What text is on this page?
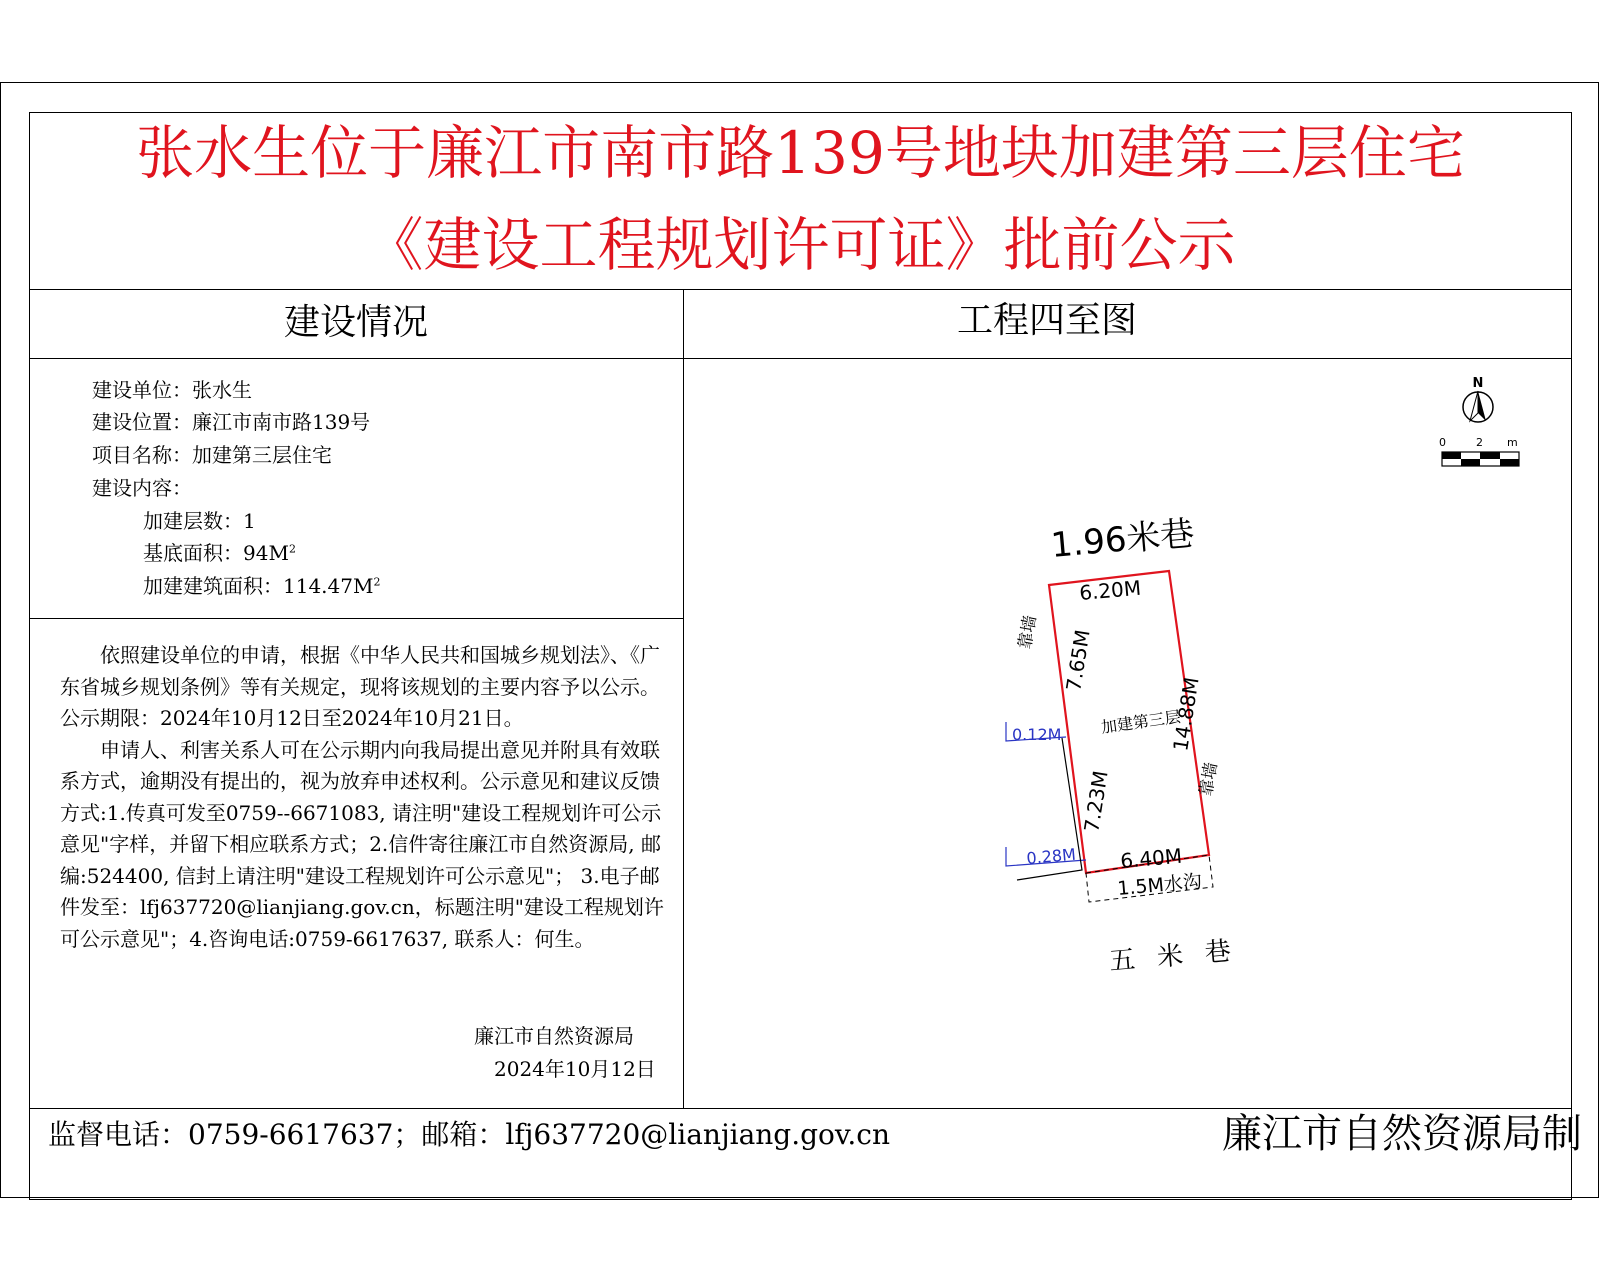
张水生位于廉江市南市路139号地块加建第三层住宅
《建设工程规划许可证》批前公示
建设情况	工程四至图
建设单位：张水生
建设位置：廉江市南市路139号
项目名称：加建第三层住宅
建设内容：
加建层数：1
基底面积：$94M^2$
加建建筑面积：$114.47M^2$

依照建设单位的申请，根据《中华人民共和国城乡规划法》、《广东省城乡规划条例》等有关规定，现将该规划的主要内容予以公示。公示期限：2024年10月12日至2024年10月21日。

申请人、利害关系人可在公示期内向我局提出意见并附具有效联系方式，逾期没有提出的，视为放弃申述权利。公示意见和建议反馈方式:1.传真可发至0759--6671083, 请注明"建设工程规划许可公示意见"字样，并留下相应联系方式；2.信件寄往廉江市自然资源局, 邮编:524400, 信封上请注明"建设工程规划许可公示意见"； 3.电子邮件发至：lfj637720@lianjiang.gov.cn，标题注明"建设工程规划许可公示意见"；4.咨询电话:0759-6617637, 联系人：何生。

廉江市自然资源局
2024年10月12日
N
0	2 m
1.96米巷
6.20M
7.65M
7.23M
14.88M
6.40M
0.12M
0.28M
靠墙
靠墙
加建第三层
1.5M水沟
五米巷
监督电话：0759-6617637；邮箱：lfj637720@lianjiang.gov.cn	廉江市自然资源局制
